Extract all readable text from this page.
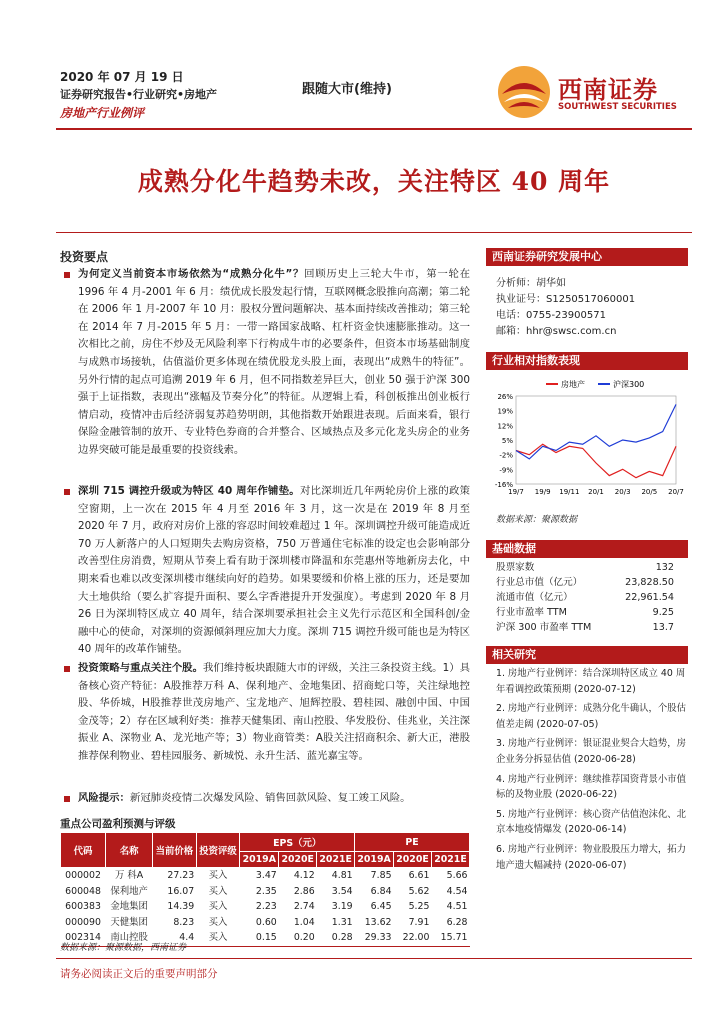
2020 年 07 月 19 日
证券研究报告•行业研究•房地产
房地产行业例评
跟随大市(维持)	西南证券
SOUTHWEST SECURITIES
成熟分化牛趋势未改，关注特区 40 周年
投资要点
为何定义当前资本市场依然为“成熟分化牛”？回顾历史上三轮大牛市，第一轮在 1996 年 4 月-2001 年 6 月：绩优成长股发起行情，互联网概念股推向高潮；第二轮在 2006 年 1 月-2007 年 10 月：股权分置问题解决、基本面持续改善推动；第三轮在 2014 年 7 月-2015 年 5 月：一带一路国家战略、杠杆资金快速膨胀推动。这一次相比之前，房住不炒及无风险利率下行构成牛市的必要条件，但资本市场基础制度与成熟市场接轨，估值溢价更多体现在绩优股龙头股上面，表现出“成熟牛的特征”。另外行情的起点可追溯 2019 年 6 月，但不同指数差异巨大，创业 50 强于沪深 300 强于上证指数，表现出“涨幅及节奏分化”的特征。从逻辑上看，科创板推出创业板行情启动，疫情冲击后经济弱复苏趋势明朗，其他指数开始跟进表现。后面来看，银行保险金融管制的放开、专业特色券商的合并整合、区域热点及多元化龙头房企的业务边界突破可能是最重要的投资线索。
深圳 715 调控升级或为特区 40 周年作铺垫。对比深圳近几年两轮房价上涨的政策空窗期，上一次在 2015 年 4 月至 2016 年 3 月，这一次是在 2019 年 8 月至 2020 年 7 月，政府对房价上涨的容忍时间较难超过 1 年。深圳调控升级可能造成近 70 万人新落户的人口短期失去购房资格，750 万普通住宅标准的设定也会影响部分改善型住房消费，短期从节奏上看有助于深圳楼市降温和东莞惠州等地新房去化，中期来看也难以改变深圳楼市继续向好的趋势。如果要缓和价格上涨的压力，还是要加大土地供给（要么扩容提升面积、要么字香港提升开发强度）。考虑到 2020 年 8 月 26 日为深圳特区成立 40 周年，结合深圳要承担社会主义先行示范区和全国科创/金融中心的使命，对深圳的资源倾斜理应加大力度。深圳 715 调控升级可能也是为特区 40 周年的改革作铺垫。
投资策略与重点关注个股。我们维持板块跟随大市的评级，关注三条投资主线。1）具备核心资产特征：A股推荐万科 A、保利地产、金地集团、招商蛇口等，关注绿地控股、华侨城，H股推荐世茂房地产、宝龙地产、旭辉控股、碧桂园、融创中国、中国金茂等；2）存在区域利好类：推荐天健集团、南山控股、华发股份、佳兆业，关注深振业 A、深物业 A、龙光地产等；3）物业商管类：A股关注招商积余、新大正，港股推荐保利物业、碧桂园服务、新城悦、永升生活、蓝光嘉宝等。
风险提示：新冠肺炎疫情二次爆发风险、销售回款风险、复工竣工风险。
西南证券研究发展中心
分析师：胡华如
执业证号：S1250517060001
电话：0755-23900571
邮箱：hhr@swsc.com.cn
行业相对指数表现
房地产	沪深300
26%
19%
12%
5%
-2%
-9%
-16%
19/7 19/9 19/11 20/1 20/3 20/5 20/7
数据来源：聚源数据
基础数据
股票家数	132
行业总市值（亿元）	23,828.50
流通市值（亿元）	22,961.54
行业市盈率 TTM	9.25
沪深 300 市盈率 TTM	13.7
相关研究
1. 房地产行业例评：结合深圳特区成立 40 周年看调控政策预期 (2020-07-12)
2. 房地产行业例评：成熟分化牛确认，个股估值差走阔 (2020-07-05)
3. 房地产行业例评：银证混业契合大趋势，房企业务分拆显估值 (2020-06-28)
4. 房地产行业例评：继续推荐国资背景小市值标的及物业股 (2020-06-22)
5. 房地产行业例评：核心资产估值泡沫化、北京本地疫情爆发 (2020-06-14)
6. 房地产行业例评：物业股股压力增大，拓力地产遗大幅减持 (2020-06-07)
重点公司盈利预测与评级
代码	名称	当前价格	投资评级	EPS（元）			PE		
				2019A	2020E	2021E	2019A	2020E	2021E
000002	万 科A	27.23	买入	3.47	4.12	4.81	7.85	6.61	5.66
600048	保利地产	16.07	买入	2.35	2.86	3.54	6.84	5.62	4.54
600383	金地集团	14.39	买入	2.23	2.74	3.19	6.45	5.25	4.51
000090	天健集团	8.23	买入	0.60	1.04	1.31	13.62	7.91	6.28
002314	南山控股	4.4	买入	0.15	0.20	0.28	29.33	22.00	15.71
数据来源：聚源数据，西南证券
请务必阅读正文后的重要声明部分
